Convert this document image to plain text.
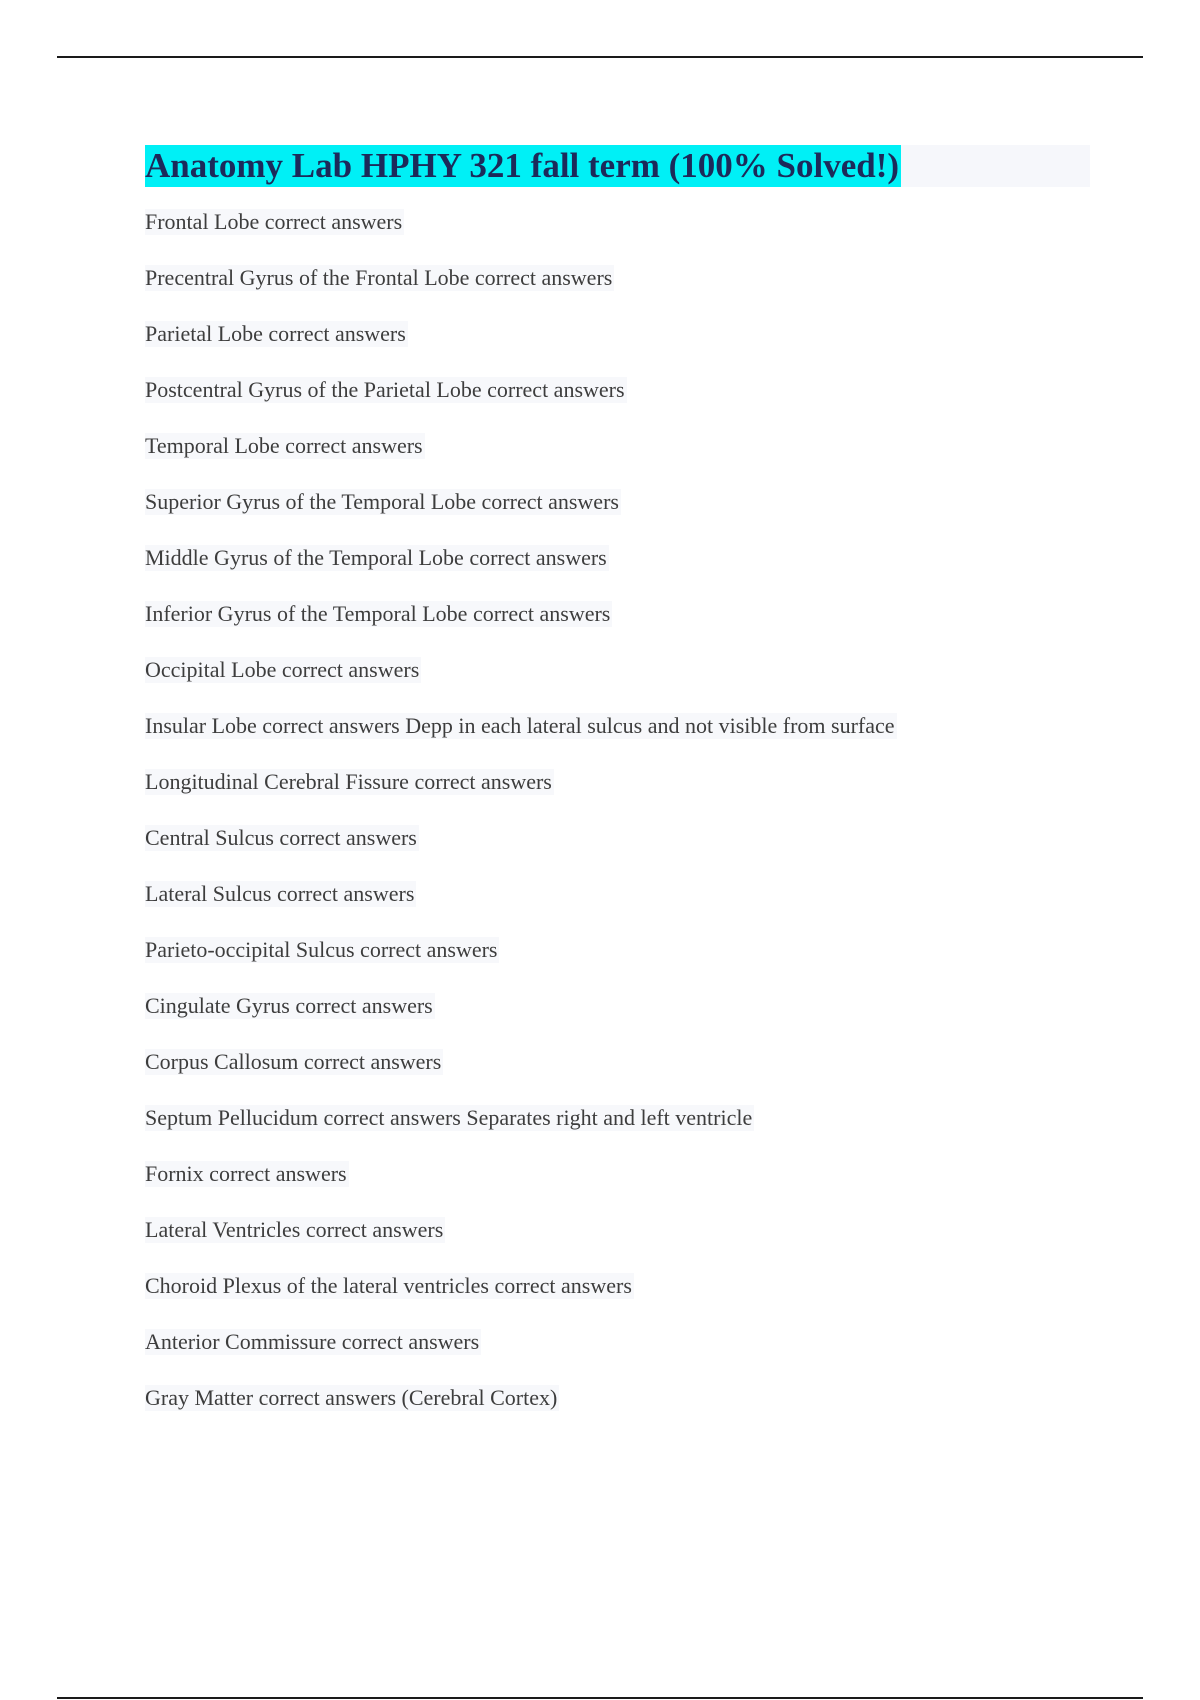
Anatomy Lab HPHY 321 fall term (100% Solved!)
Frontal Lobe correct answers
Precentral Gyrus of the Frontal Lobe correct answers
Parietal Lobe correct answers
Postcentral Gyrus of the Parietal Lobe correct answers
Temporal Lobe correct answers
Superior Gyrus of the Temporal Lobe correct answers
Middle Gyrus of the Temporal Lobe correct answers
Inferior Gyrus of the Temporal Lobe correct answers
Occipital Lobe correct answers
Insular Lobe correct answers Depp in each lateral sulcus and not visible from surface
Longitudinal Cerebral Fissure correct answers
Central Sulcus correct answers
Lateral Sulcus correct answers
Parieto-occipital Sulcus correct answers
Cingulate Gyrus correct answers
Corpus Callosum correct answers
Septum Pellucidum correct answers Separates right and left ventricle
Fornix correct answers
Lateral Ventricles correct answers
Choroid Plexus of the lateral ventricles correct answers
Anterior Commissure correct answers
Gray Matter correct answers (Cerebral Cortex)
